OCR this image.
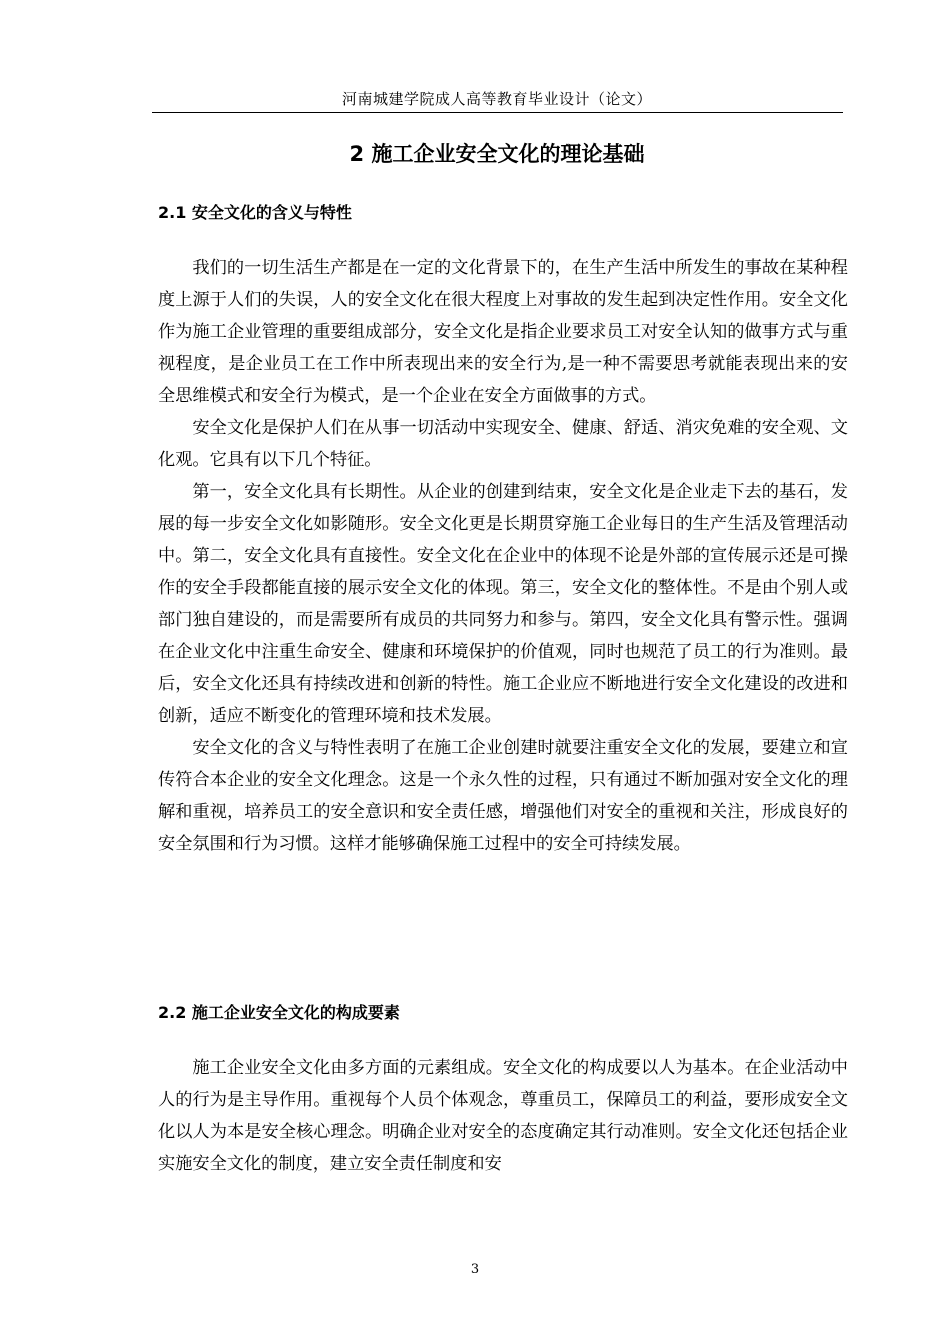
河南城建学院成人高等教育毕业设计（论文）
2 施工企业安全文化的理论基础
2.1 安全文化的含义与特性

我们的一切生活生产都是在一定的文化背景下的，在生产生活中所发生的事故在某种程度上源于人们的失误，人的安全文化在很大程度上对事故的发生起到决定性作用。安全文化作为施工企业管理的重要组成部分，安全文化是指企业要求员工对安全认知的做事方式与重视程度，是企业员工在工作中所表现出来的安全行为,是一种不需要思考就能表现出来的安全思维模式和安全行为模式，是一个企业在安全方面做事的方式。

安全文化是保护人们在从事一切活动中实现安全、健康、舒适、消灾免难的安全观、文化观。它具有以下几个特征。

第一，安全文化具有长期性。从企业的创建到结束，安全文化是企业走下去的基石，发展的每一步安全文化如影随形。安全文化更是长期贯穿施工企业每日的生产生活及管理活动中。第二，安全文化具有直接性。安全文化在企业中的体现不论是外部的宣传展示还是可操作的安全手段都能直接的展示安全文化的体现。第三，安全文化的整体性。不是由个别人或部门独自建设的，而是需要所有成员的共同努力和参与。第四，安全文化具有警示性。强调在企业文化中注重生命安全、健康和环境保护的价值观，同时也规范了员工的行为准则。最后，安全文化还具有持续改进和创新的特性。施工企业应不断地进行安全文化建设的改进和创新，适应不断变化的管理环境和技术发展。

安全文化的含义与特性表明了在施工企业创建时就要注重安全文化的发展，要建立和宣传符合本企业的安全文化理念。这是一个永久性的过程，只有通过不断加强对安全文化的理解和重视，培养员工的安全意识和安全责任感，增强他们对安全的重视和关注，形成良好的安全氛围和行为习惯。这样才能够确保施工过程中的安全可持续发展。

2.2 施工企业安全文化的构成要素

施工企业安全文化由多方面的元素组成。安全文化的构成要以人为基本。在企业活动中人的行为是主导作用。重视每个人员个体观念，尊重员工，保障员工的利益，要形成安全文化以人为本是安全核心理念。明确企业对安全的态度确定其行动准则。安全文化还包括企业实施安全文化的制度，建立安全责任制度和安

3
